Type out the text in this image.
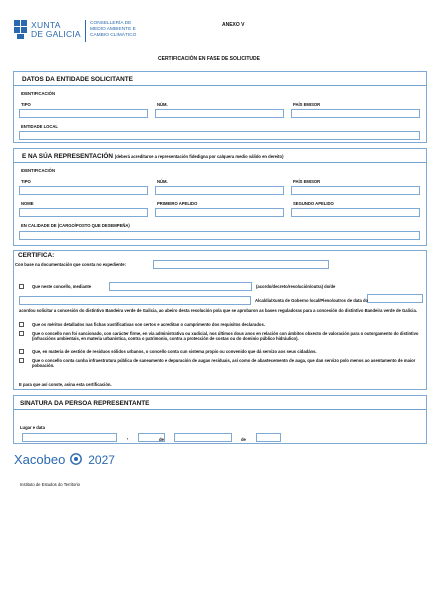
XUNTA
DE GALICIA
CONSELLERÍA DE
MEDIO AMBIENTE E
CAMBIO CLIMÁTICO
ANEXO V
CERTIFICACIÓN EN FASE DE SOLICITUDE
DATOS DA ENTIDADE SOLICITANTE
IDENTIFICACIÓN
TIPO	NÚM.	PAÍS EMISOR
ENTIDADE LOCAL
E NA SÚA REPRESENTACIÓN (deberá acreditarse a representación fidedigna por calquera medio válido en dereito)
IDENTIFICACIÓN
TIPO	NÚM.	PAÍS EMISOR
NOME	PRIMEIRO APELIDO	SEGUNDO APELIDO
EN CALIDADE DE (CARGO/POSTO QUE DESEMPEÑA)
CERTIFICA:
Con base na documentación que consta no expediente:
Que neste concello, mediante	(acordo/decreto/resolución/outra) do/de
Alcaldía/Xunta de Goberno local/Pleno/outros de data do
acordou solicitar a concesión do distintivo Bandeira verde de Galicia, ao abeiro desta resolución pola que se aprobaron as bases reguladoras para a concesión do distintivo Bandeira verde de Galicia.
Que os méritos detallados nas fichas xustificativas son certos e acreditan o cumprimento dos requisitos declarados.
Que o concello non foi sancionado, con carácter firme, en vía administrativa ou xudicial, nos últimos dous anos en relación con ámbitos obxecto de valoración para o outorgamento do distintivo (infraccións ambientais, en materia urbanística, contra o patrimonio, contra a protección de costas ou do dominio público hidráulico).
Que, en materia de xestión de residuos sólidos urbanos, o concello conta cun sistema propio ou convenido que dá servizo aos seus cidadáns.
Que o concello conta cunha infraestrutura pública de saneamento e depuración de augas residuais, así como de abastecemento de auga, que dan servizo polo menos ao asentamento de maior poboación.
E para que así conste, asina esta certificación.
SINATURA DA PERSOA REPRESENTANTE
Lugar e data
,	de	de
Xacobeo 2027
Instituto de Estudos do Territorio
